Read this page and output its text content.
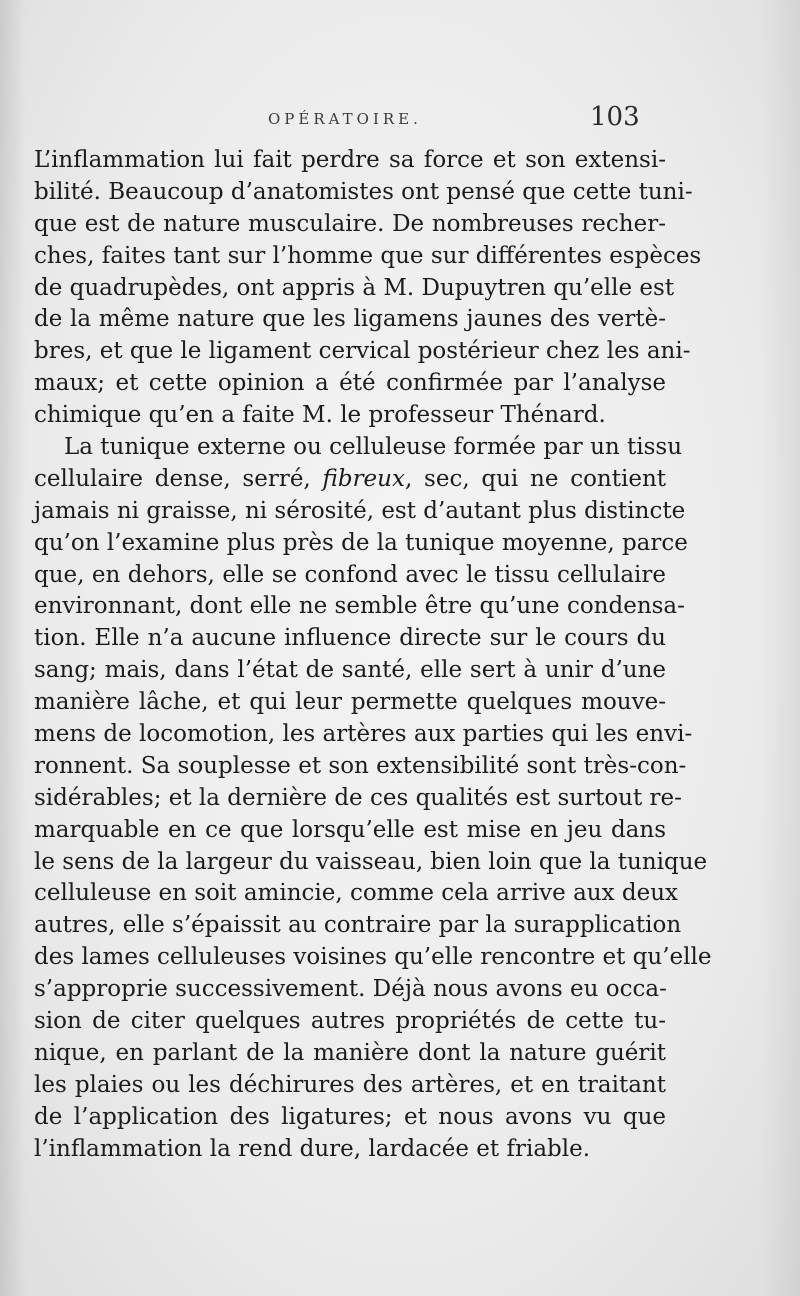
OPÉRATOIRE.	103
L’inflammation lui fait perdre sa force et son extensi-
bilité. Beaucoup d’anatomistes ont pensé que cette tuni-
que est de nature musculaire. De nombreuses recher-
ches, faites tant sur l’homme que sur différentes espèces
de quadrupèdes, ont appris à M. Dupuytren qu’elle est
de la même nature que les ligamens jaunes des vertè-
bres, et que le ligament cervical postérieur chez les ani-
maux; et cette opinion a été confirmée par l’analyse
chimique qu’en a faite M. le professeur Thénard.
La tunique externe ou celluleuse formée par un tissu
cellulaire dense, serré, fibreux, sec, qui ne contient
jamais ni graisse, ni sérosité, est d’autant plus distincte
qu’on l’examine plus près de la tunique moyenne, parce
que, en dehors, elle se confond avec le tissu cellulaire
environnant, dont elle ne semble être qu’une condensa-
tion. Elle n’a aucune influence directe sur le cours du
sang; mais, dans l’état de santé, elle sert à unir d’une
manière lâche, et qui leur permette quelques mouve-
mens de locomotion, les artères aux parties qui les envi-
ronnent. Sa souplesse et son extensibilité sont très-con-
sidérables; et la dernière de ces qualités est surtout re-
marquable en ce que lorsqu’elle est mise en jeu dans
le sens de la largeur du vaisseau, bien loin que la tunique
celluleuse en soit amincie, comme cela arrive aux deux
autres, elle s’épaissit au contraire par la surapplication
des lames celluleuses voisines qu’elle rencontre et qu’elle
s’approprie successivement. Déjà nous avons eu occa-
sion de citer quelques autres propriétés de cette tu-
nique, en parlant de la manière dont la nature guérit
les plaies ou les déchirures des artères, et en traitant
de l’application des ligatures; et nous avons vu que
l’inflammation la rend dure, lardacée et friable.
